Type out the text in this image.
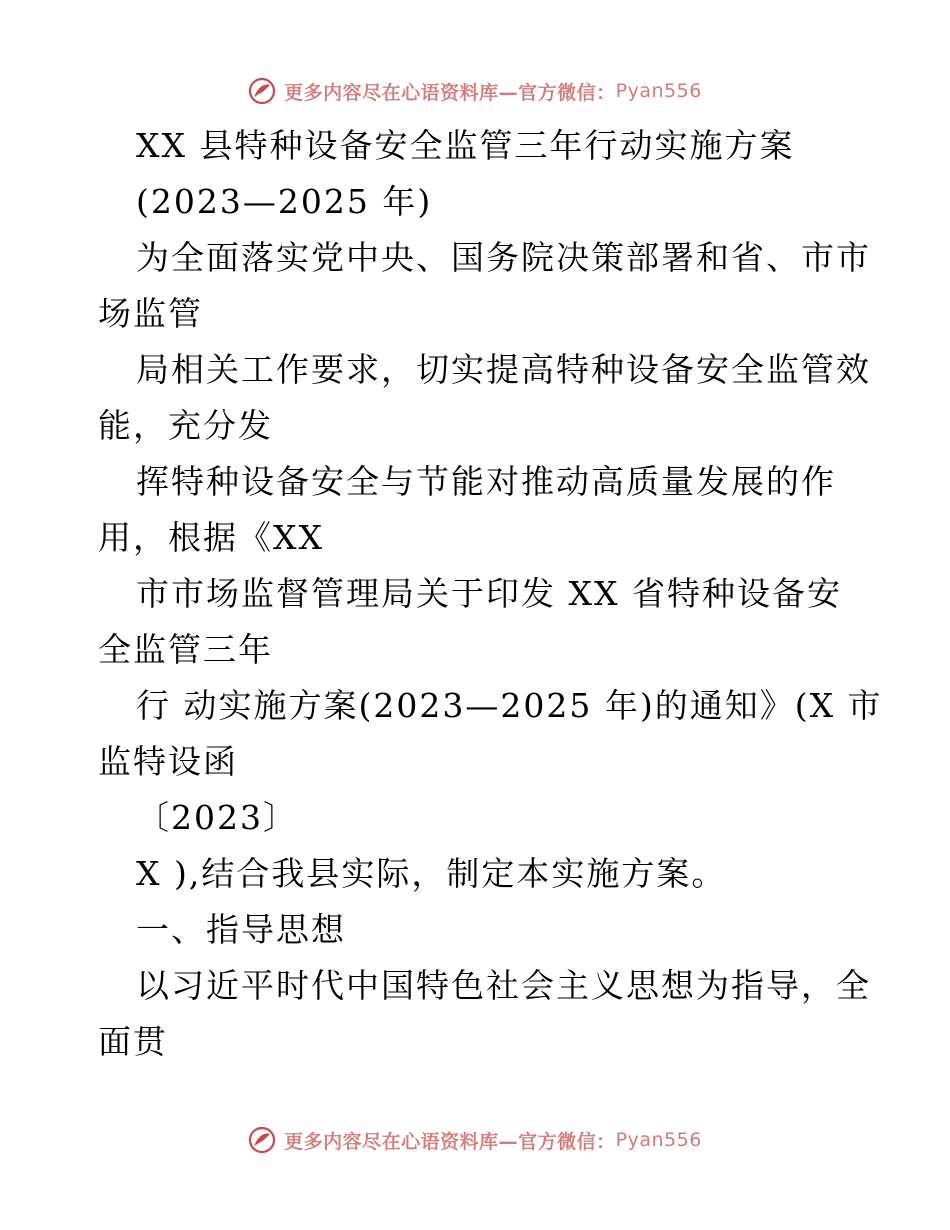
更多内容尽在心语资料库—官方微信： Pyan556
XX 县特种设备安全监管三年行动实施方案
(2023—2025 年)
为全面落实党中央、国务院决策部署和省、市市
场监管
局相关工作要求，切实提高特种设备安全监管效
能，充分发
挥特种设备安全与节能对推动高质量发展的作
用，根据《XX
市市场监督管理局关于印发 XX 省特种设备安
全监管三年
行 动实施方案(2023—2025 年)的通知》(X 市
监特设函
〔2023〕
X ),结合我县实际，制定本实施方案。
一、指导思想
以习近平时代中国特色社会主义思想为指导，全
面贯
更多内容尽在心语资料库—官方微信： Pyan556
